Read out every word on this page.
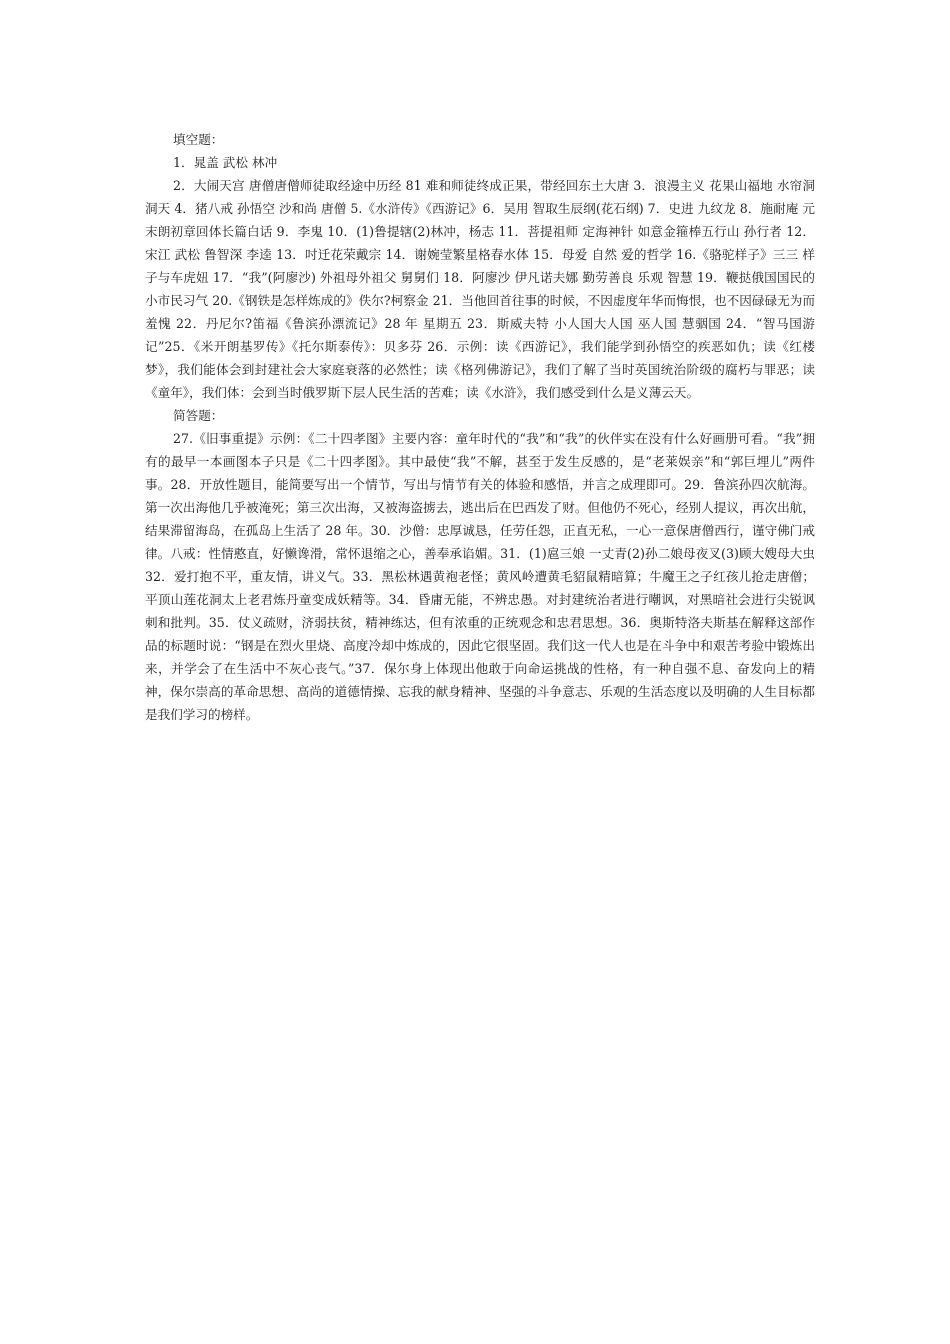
填空题：

1．晁盖 武松 林冲

2．大闹天宫 唐僧唐僧师徒取经途中历经 81 难和师徒终成正果，带经回东土大唐 3．浪漫主义 花果山福地 水帘洞洞天 4．猪八戒 孙悟空 沙和尚 唐僧 5.《水浒传》《西游记》6．吴用 智取生辰纲(花石纲) 7．史进 九纹龙 8．施耐庵 元末朗初章回体长篇白话 9．李鬼 10．(1)鲁提辖(2)林冲，杨志 11．菩提祖师 定海神针 如意金箍棒五行山 孙行者 12．宋江 武松 鲁智深 李逵 13．吋迁花荣戴宗 14．谢婉莹繁星格春水体 15．母爱 自然 爱的哲学 16.《骆驼样子》三三 样子与车虎妞 17．“我”(阿廖沙) 外祖母外祖父 舅舅们 18．阿廖沙 伊凡诺夫娜 勤劳善良 乐观 智慧 19．鞭挞俄国国民的小市民习气 20.《钢铁是怎样炼成的》佚尔?柯察金 21．当他回首往事的时候，不因虚度年华而悔恨，也不因碌碌无为而羞愧 22．丹尼尔?笛福《鲁滨孙漂流记》28 年 星期五 23．斯威夫特 小人国大人国 巫人国 慧骃国 24．“智马国游记”25．《米开朗基罗传》《托尔斯泰传》：贝多芬 26．示例：读《西游记》，我们能学到孙悟空的疾恶如仇；读《红楼梦》，我们能体会到封建社会大家庭衰落的必然性；读《格列佛游记》，我们了解了当时英国统治阶级的腐朽与罪恶；读《童年》，我们体：会到当时俄罗斯下层人民生活的苦难；读《水浒》，我们感受到什么是义薄云天。

简答题：

27.《旧事重提》示例：《二十四孝图》主要内容：童年时代的“我”和“我”的伙伴实在没有什么好画册可看。“我”拥有的最早一本画图本子只是《二十四孝图》。其中最使“我”不解，甚至于发生反感的，是“老莱娱亲”和“郭巨埋儿”两件事。28．开放性题目，能简要写出一个情节，写出与情节有关的体验和感悟，并言之成理即可。29．鲁滨孙四次航海。第一次出海他几乎被淹死；第三次出海，又被海盗掳去，逃出后在巴西发了财。但他仍不死心，经别人提议，再次出航，结果滞留海岛，在孤岛上生活了 28 年。30．沙僧：忠厚诚恳，任劳任怨，正直无私，一心一意保唐僧西行，谨守佛门戒律。八戒：性情憨直，好懒谗滑，常怀退缩之心，善奉承谄媚。31．(1)扈三娘 一丈青(2)孙二娘母夜叉(3)顾大嫂母大虫 32．爱打抱不平，重友情，讲义气。33．黑松林遇黄袍老怪；黄风岭遭黄毛貂鼠精暗算；牛魔王之子红孩儿抢走唐僧；平顶山莲花洞太上老君炼丹童变成妖精等。34．昏庸无能，不辨忠愚。对封建统治者进行嘲讽，对黑暗社会进行尖锐讽刺和批判。35．仗义疏财，济弱扶贫，精神练达，但有浓重的正统观念和忠君思想。36．奥斯特洛夫斯基在解释这部作品的标题时说：“钢是在烈火里烧、高度冷却中炼成的，因此它很坚固。我们这一代人也是在斗争中和艰苦考验中锻炼出来，并学会了在生活中不灰心丧气。”37．保尔身上体现出他敢于向命运挑战的性格，有一种自强不息、奋发向上的精神，保尔崇高的革命思想、高尚的道德情操、忘我的献身精神、坚强的斗争意志、乐观的生活态度以及明确的人生目标都是我们学习的榜样。
